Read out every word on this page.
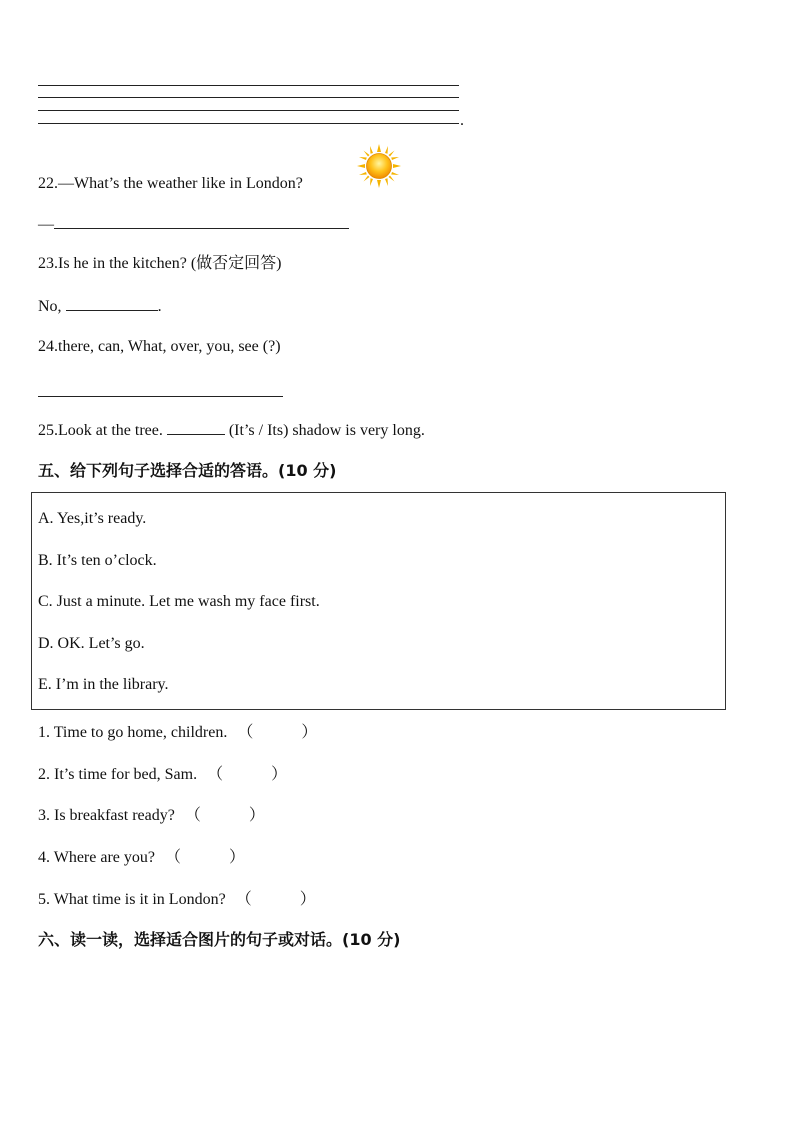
.
22.—What’s the weather like in London?
—
23.Is he in the kitchen? (做否定回答)
No,	.
24.there, can, What, over, you, see (?)
25.Look at the tree.	(It’s / Its) shadow is very long.
五、给下列句子选择合适的答语。(10 分)
A. Yes,it’s ready.
B. It’s ten o’clock.
C. Just a minute. Let me wash my face first.
D. OK. Let’s go.
E. I’m in the library.
1. Time to go home, children. （            ）
2. It’s time for bed, Sam. （            ）
3. Is breakfast ready? （            ）
4. Where are you? （            ）
5. What time is it in London? （            ）
六、读一读，选择适合图片的句子或对话。(10 分)
